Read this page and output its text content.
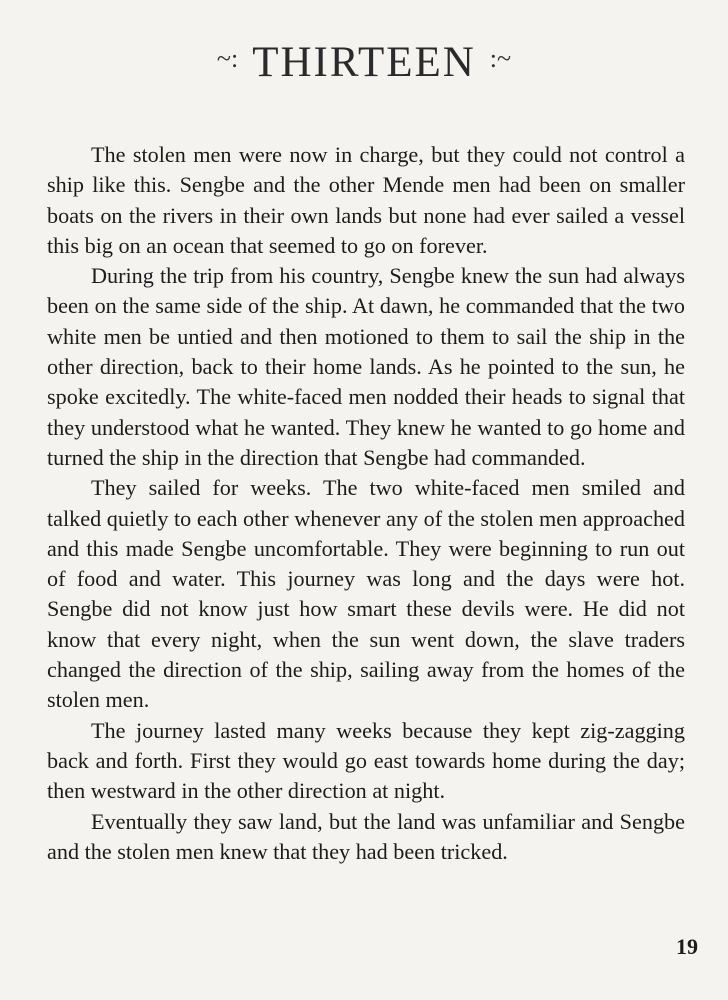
~: THIRTEEN :~

The stolen men were now in charge, but they could not control a ship like this. Sengbe and the other Mende men had been on smaller boats on the rivers in their own lands but none had ever sailed a vessel this big on an ocean that seemed to go on forever.

During the trip from his country, Sengbe knew the sun had always been on the same side of the ship. At dawn, he commanded that the two white men be untied and then motioned to them to sail the ship in the other direction, back to their home lands. As he pointed to the sun, he spoke excitedly. The white-faced men nodded their heads to signal that they understood what he wanted. They knew he wanted to go home and turned the ship in the direction that Sengbe had commanded.

They sailed for weeks. The two white-faced men smiled and talked quietly to each other whenever any of the stolen men approached and this made Sengbe uncomfortable. They were beginning to run out of food and water. This journey was long and the days were hot. Sengbe did not know just how smart these devils were. He did not know that every night, when the sun went down, the slave traders changed the direction of the ship, sailing away from the homes of the stolen men.

The journey lasted many weeks because they kept zig-zagging back and forth. First they would go east towards home during the day; then westward in the other direction at night.

Eventually they saw land, but the land was unfamiliar and Sengbe and the stolen men knew that they had been tricked.

19
